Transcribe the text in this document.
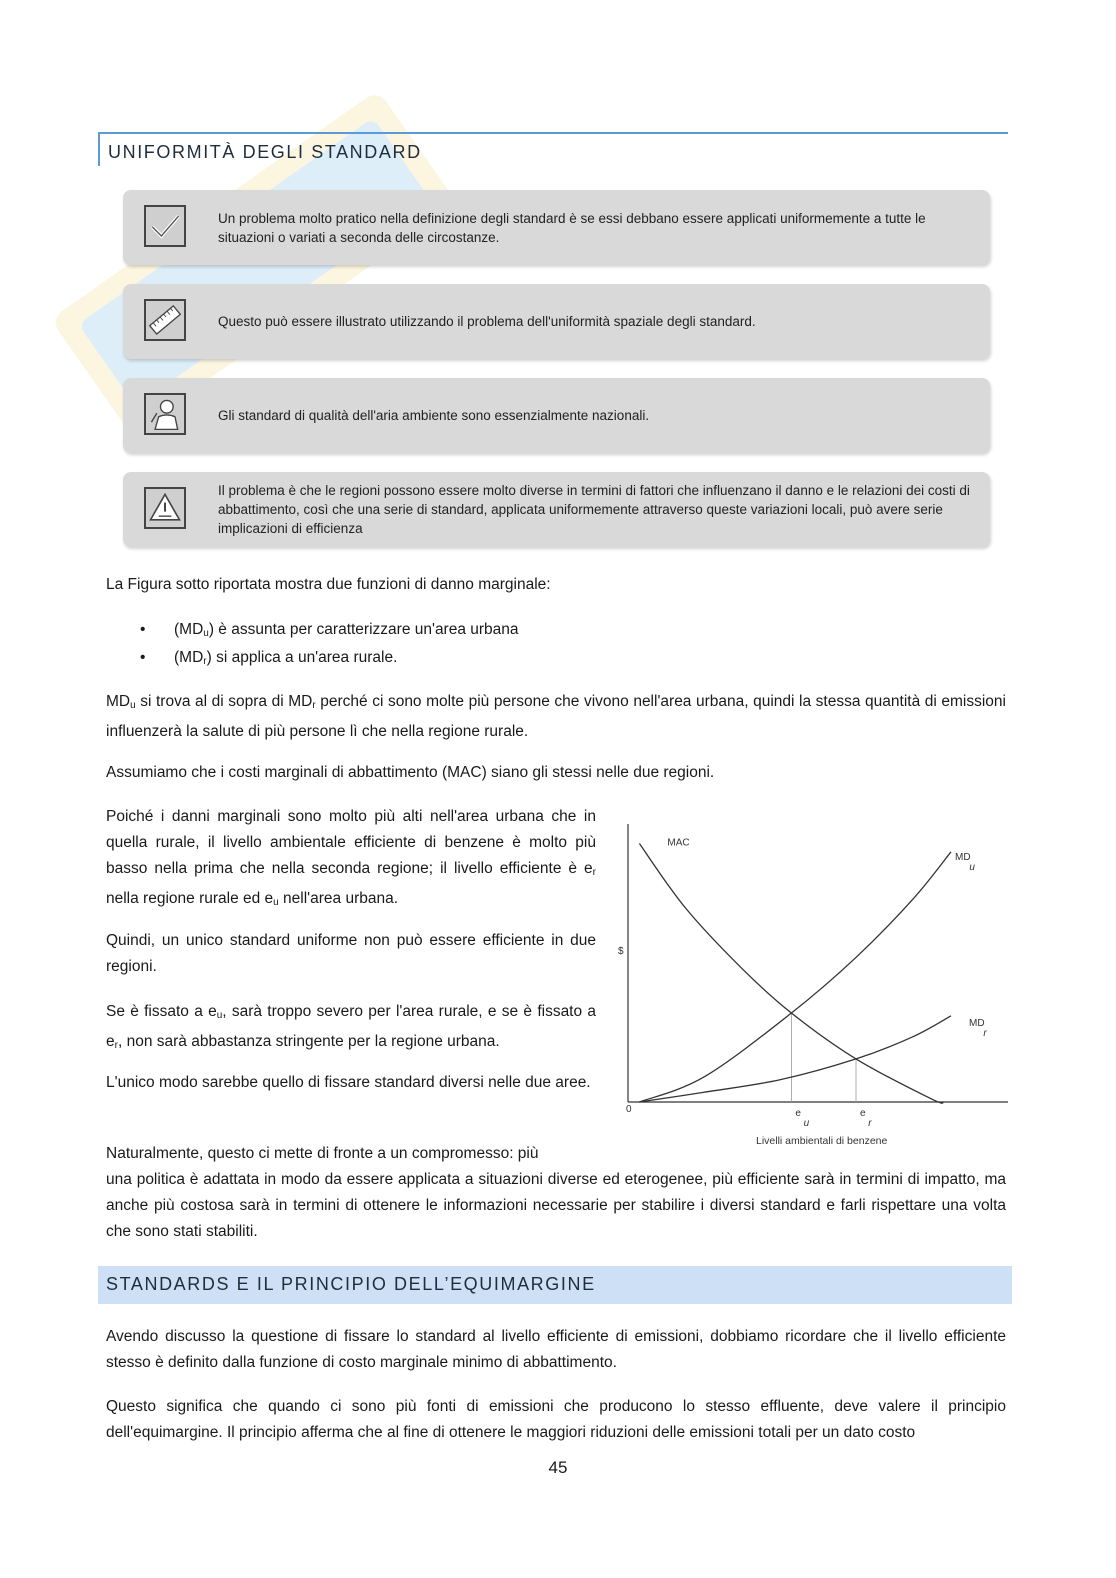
UNIFORMITÀ DEGLI STANDARD
Un problema molto pratico nella definizione degli standard è se essi debbano essere applicati uniformemente a tutte le situazioni o variati a seconda delle circostanze.
Questo può essere illustrato utilizzando il problema dell'uniformità spaziale degli standard.
Gli standard di qualità dell'aria ambiente sono essenzialmente nazionali.
Il problema è che le regioni possono essere molto diverse in termini di fattori che influenzano il danno e le relazioni dei costi di abbattimento, così che una serie di standard, applicata uniformemente attraverso queste variazioni locali, può avere serie implicazioni di efficienza
La Figura sotto riportata mostra due funzioni di danno marginale:
• $(MD_u)$ è assunta per caratterizzare un'area urbana
• $(MD_r)$ si applica a un'area rurale.
$MD_u$ si trova al di sopra di $MD_r$ perché ci sono molte più persone che vivono nell'area urbana, quindi la stessa quantità di emissioni influenzerà la salute di più persone lì che nella regione rurale.
Assumiamo che i costi marginali di abbattimento (MAC) siano gli stessi nelle due regioni.
Poiché i danni marginali sono molto più alti nell'area urbana che in quella rurale, il livello ambientale efficiente di benzene è molto più basso nella prima che nella seconda regione; il livello efficiente è $e_r$ nella regione rurale ed $e_u$ nell'area urbana.
Quindi, un unico standard uniforme non può essere efficiente in due regioni.
Se è fissato a $e_u$, sarà troppo severo per l'area rurale, e se è fissato a $e_r$, non sarà abbastanza stringente per la regione urbana.
L'unico modo sarebbe quello di fissare standard diversi nelle due aree.
Naturalmente, questo ci mette di fronte a un compromesso: più
una politica è adattata in modo da essere applicata a situazioni diverse ed eterogenee, più efficiente sarà in termini di impatto, ma anche più costosa sarà in termini di ottenere le informazioni necessarie per stabilire i diversi standard e farli rispettare una volta che sono stati stabiliti.
MAC
MD
u
MD
r
e
u
e
r
$
0
Livelli ambientali di benzene
STANDARDS E IL PRINCIPIO DELL’EQUIMARGINE
Avendo discusso la questione di fissare lo standard al livello efficiente di emissioni, dobbiamo ricordare che il livello efficiente stesso è definito dalla funzione di costo marginale minimo di abbattimento.
Questo significa che quando ci sono più fonti di emissioni che producono lo stesso effluente, deve valere il principio dell'equimargine. Il principio afferma che al fine di ottenere le maggiori riduzioni delle emissioni totali per un dato costo
45
